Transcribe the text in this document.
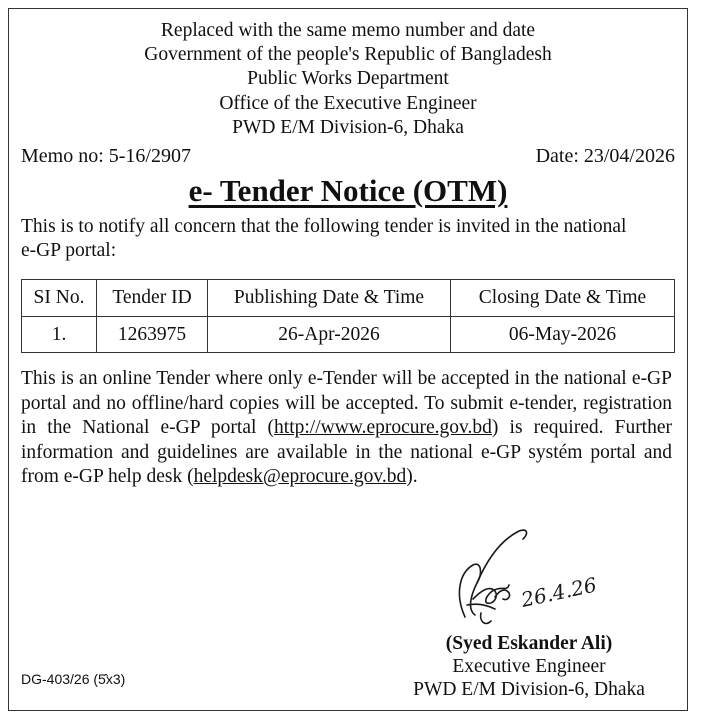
Replaced with the same memo number and date
Government of the people's Republic of Bangladesh
Public Works Department
Office of the Executive Engineer
PWD E/M Division-6, Dhaka
Memo no: 5-16/2907	Date: 23/04/2026
e- Tender Notice (OTM)
This is to notify all concern that the following tender is invited in the national e-GP portal:
SI No.	Tender ID	Publishing Date & Time	Closing Date & Time
1.	1263975	26-Apr-2026	06-May-2026
This is an online Tender where only e-Tender will be accepted in the national e-GP portal and no offline/hard copies will be accepted. To submit e-tender, registration in the National e-GP portal (http://www.eprocure.gov.bd) is required. Further information and guidelines are available in the national e-GP systém portal and from e-GP help desk (helpdesk@eprocure.gov.bd).
26.4.26
(Syed Eskander Ali)
Executive Engineer
PWD E/M Division-6, Dhaka
DG-403/26 (5̂x3)
